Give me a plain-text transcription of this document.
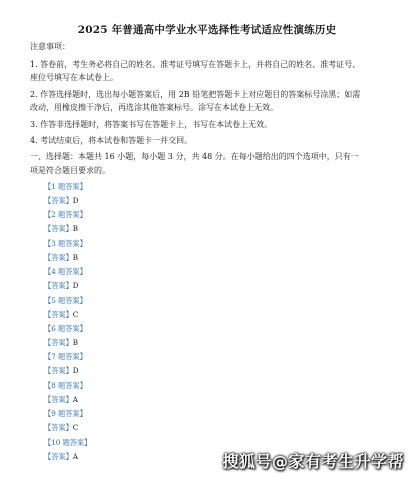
2025 年普通高中学业水平选择性考试适应性演练历史
注意事项：
1. 答卷前，考生务必将自己的姓名、准考证号填写在答题卡上，并将自己的姓名、准考证号、
座位号填写在本试卷上。
2. 作答选择题时，选出每小题答案后，用 2B 铅笔把答题卡上对应题目的答案标号涂黑；如需
改动，用橡皮擦干净后，再选涂其他答案标号。涂写在本试卷上无效。
3. 作答非选择题时，将答案书写在答题卡上，书写在本试卷上无效。
4. 考试结束后，将本试卷和答题卡一并交回。
一、选择题：本题共 16 小题，每小题 3 分，共 48 分。在每小题给出的四个选项中，只有一
项是符合题目要求的。
【1 题答案】
【答案】D
【2 题答案】
【答案】B
【3 题答案】
【答案】B
【4 题答案】
【答案】D
【5 题答案】
【答案】C
【6 题答案】
【答案】B
【7 题答案】
【答案】D
【8 题答案】
【答案】A
【9 题答案】
【答案】C
【10 题答案】
【答案】A	搜狐号@家有考生升学帮
